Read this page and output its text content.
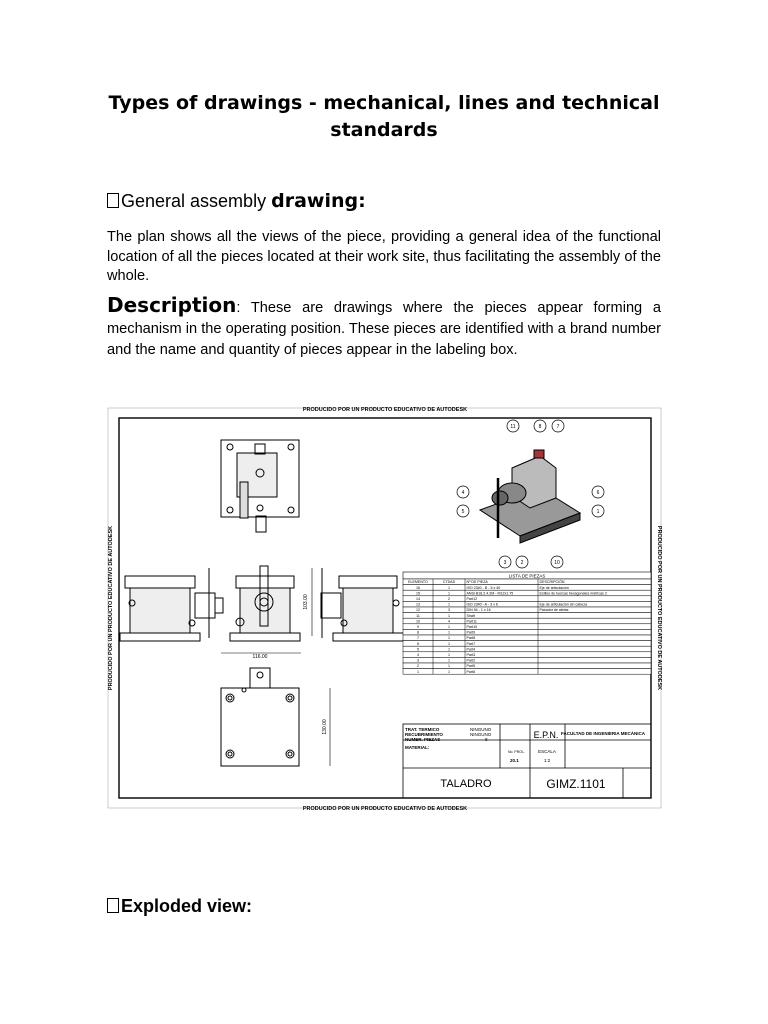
Types of drawings - mechanical, lines and technical standards
General assembly drawing:
The plan shows all the views of the piece, providing a general idea of the functional location of all the pieces located at their work site, thus facilitating the assembly of the whole.
Description: These are drawings where the pieces appear forming a mechanism in the operating position. These pieces are identified with a brand number and the name and quantity of pieces appear in the labeling box.
PRODUCIDO POR UN PRODUCTO EDUCATIVO DE AUTODESK
PRODUCIDO POR UN PRODUCTO EDUCATIVO DE AUTODESK
PRODUCIDO POR UN PRODUCTO EDUCATIVO DE AUTODESK	PRODUCIDO POR UN PRODUCTO EDUCATIVO DE AUTODESK
116.00
103.00
130.00
11	8	7
4	6
5	1
3	2	10
LISTA DE PIEZAS
ELEMENTO	CTDAD	Nº DE PIEZA	DESCRIPCIÓN
16	1	ISO 2340 - B - 5 x 40	Eje de articulación
15	1	ANSI B18.2.4.2M - M12x1.75	Estilos de tuercas hexagonales métricas 2
14	2	Part12
13	1	ISO 2340 - A - 3 x 6	Eje de articulación sin cabeza
12	3	DIN 94 - 1 x 16	Pasador de aletas
11	1	Shaft
10	4	Part11
9	1	Part10
8	1	Part9
7	1	Part8
6	1	Part7
5	1	Part4
4	1	Part3
3	1	Part2
2	1	Part5
1	1	Part6
TRAT. TERMICO	NINGUNO
RECUBRIMIENTO	NINGUNO
NUMER. PIEZAS	8
MATERIAL:
E.P.N. FACULTAD DE INGENIERIA MECÁNICA
No. PROL.
20.1
ESCALA
1:2
TALADRO	GIMZ.1101
Exploded view:
